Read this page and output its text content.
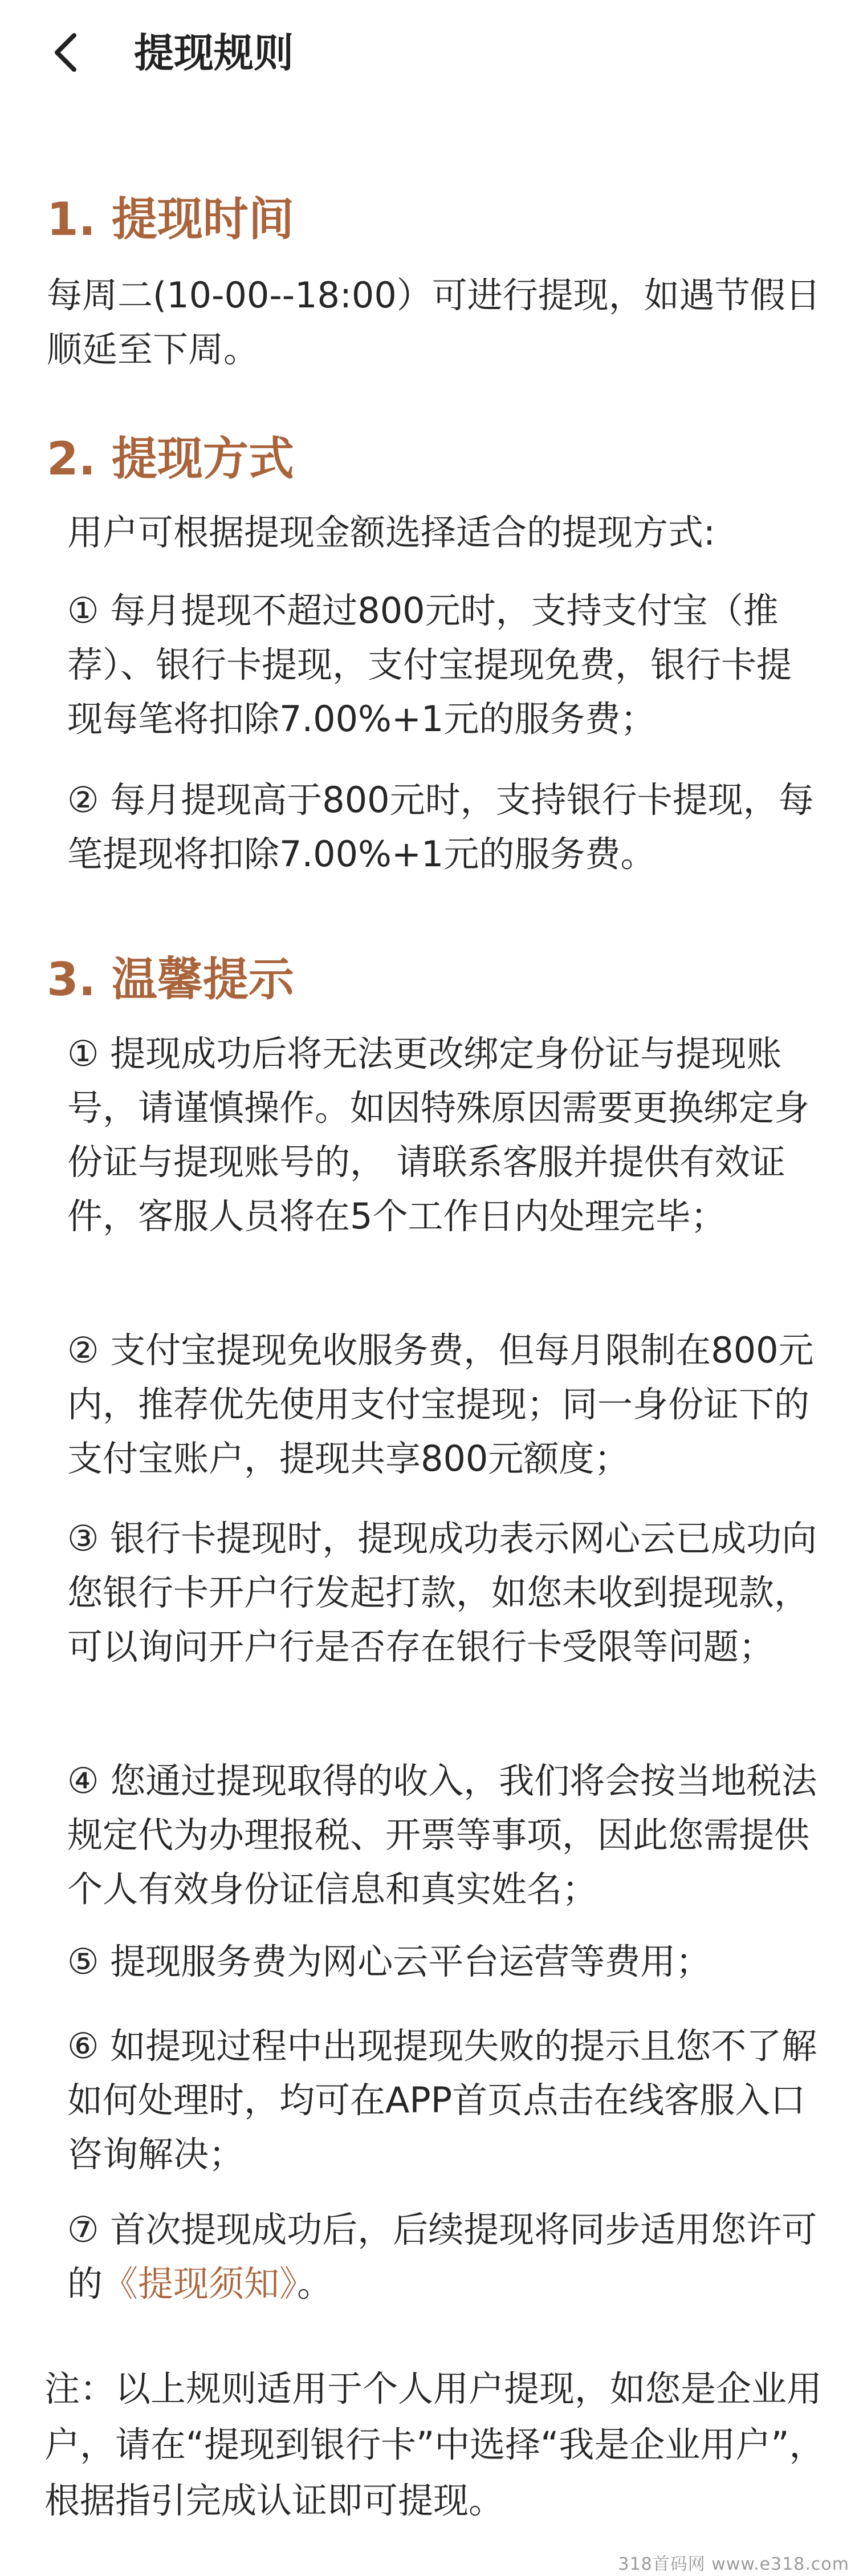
提现规则
1. 提现时间
每周二(10-00--18:00）可进行提现，如遇节假日顺延至下周。
2. 提现方式
用户可根据提现金额选择适合的提现方式:
① 每月提现不超过800元时，支持支付宝（推荐）、银行卡提现，支付宝提现免费，银行卡提现每笔将扣除7.00%+1元的服务费；
② 每月提现高于800元时，支持银行卡提现，每笔提现将扣除7.00%+1元的服务费。
3. 温馨提示
① 提现成功后将无法更改绑定身份证与提现账号，请谨慎操作。如因特殊原因需要更换绑定身份证与提现账号的， 请联系客服并提供有效证件，客服人员将在5个工作日内处理完毕；
② 支付宝提现免收服务费，但每月限制在800元内，推荐优先使用支付宝提现；同一身份证下的支付宝账户，提现共享800元额度；
③ 银行卡提现时，提现成功表示网心云已成功向您银行卡开户行发起打款，如您未收到提现款，可以询问开户行是否存在银行卡受限等问题；
④ 您通过提现取得的收入，我们将会按当地税法规定代为办理报税、开票等事项，因此您需提供个人有效身份证信息和真实姓名；
⑤ 提现服务费为网心云平台运营等费用；
⑥ 如提现过程中出现提现失败的提示且您不了解如何处理时，均可在APP首页点击在线客服入口咨询解决；
⑦ 首次提现成功后，后续提现将同步适用您许可的《提现须知》。
注：以上规则适用于个人用户提现，如您是企业用户，请在“提现到银行卡”中选择“我是企业用户”，根据指引完成认证即可提现。
318首码网 www.e318.com
